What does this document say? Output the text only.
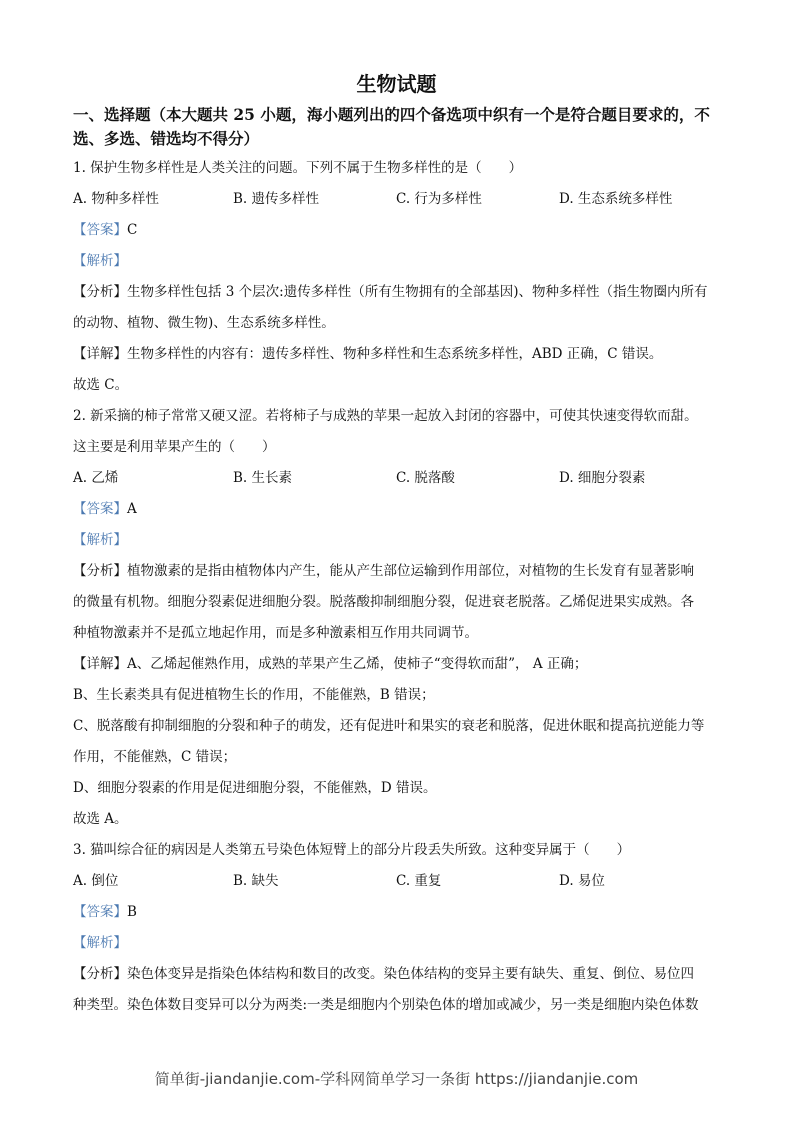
生物试题
一、选择题（本大题共 25 小题，海小题列出的四个备选项中织有一个是符合题目要求的，不
选、多选、错选均不得分）
1. 保护生物多样性是人类关注的问题。下列不属于生物多样性的是（　　）
A. 物种多样性	B. 遗传多样性	C. 行为多样性	D. 生态系统多样性
【答案】C
【解析】
【分析】生物多样性包括 3 个层次:遗传多样性（所有生物拥有的全部基因)、物种多样性（指生物圈内所有
的动物、植物、微生物)、生态系统多样性。
【详解】生物多样性的内容有：遗传多样性、物种多样性和生态系统多样性，ABD 正确，C 错误。
故选 C。
2. 新采摘的柿子常常又硬又涩。若将柿子与成熟的苹果一起放入封闭的容器中，可使其快速变得软而甜。
这主要是利用苹果产生的（　　）
A. 乙烯	B. 生长素	C. 脱落酸	D. 细胞分裂素
【答案】A
【解析】
【分析】植物激素的是指由植物体内产生，能从产生部位运输到作用部位，对植物的生长发育有显著影响
的微量有机物。细胞分裂素促进细胞分裂。脱落酸抑制细胞分裂，促进衰老脱落。乙烯促进果实成熟。各
种植物激素并不是孤立地起作用，而是多种激素相互作用共同调节。
【详解】A、乙烯起催熟作用，成熟的苹果产生乙烯，使柿子“变得软而甜”， A 正确；
B、生长素类具有促进植物生长的作用，不能催熟，B 错误；
C、脱落酸有抑制细胞的分裂和种子的萌发，还有促进叶和果实的衰老和脱落，促进休眠和提高抗逆能力等
作用，不能催熟，C 错误；
D、细胞分裂素的作用是促进细胞分裂，不能催熟，D 错误。
故选 A。
3. 猫叫综合征的病因是人类第五号染色体短臂上的部分片段丢失所致。这种变异属于（　　）
A. 倒位	B. 缺失	C. 重复	D. 易位
【答案】B
【解析】
【分析】染色体变异是指染色体结构和数目的改变。染色体结构的变异主要有缺失、重复、倒位、易位四
种类型。染色体数目变异可以分为两类:一类是细胞内个别染色体的增加或减少，另一类是细胞内染色体数
简单街-jiandanjie.com-学科网简单学习一条街 https://jiandanjie.com
